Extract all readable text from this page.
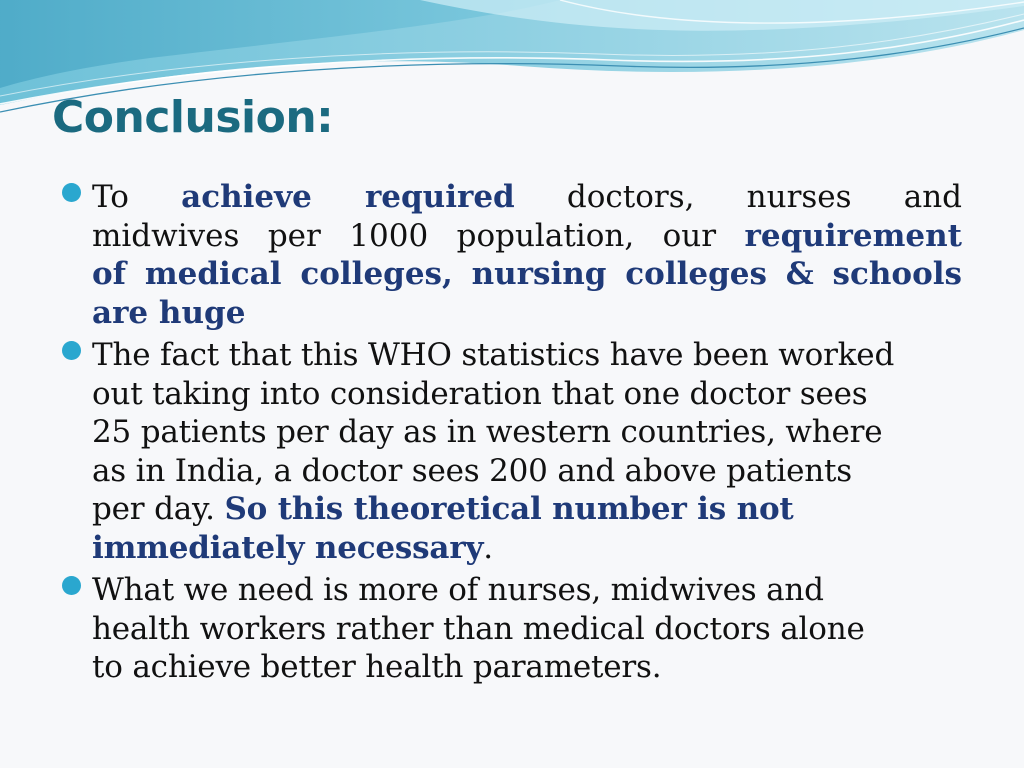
Conclusion:
To achieve required doctors, nurses and
midwives per 1000 population, our requirement
of medical colleges, nursing colleges & schools
are huge
The fact that this WHO statistics have been worked
out taking into consideration that one doctor sees
25 patients per day as in western countries, where
as in India, a doctor sees 200 and above patients
per day. So this theoretical number is not
immediately necessary.
What we need is more of nurses, midwives and
health workers rather than medical doctors alone
to achieve better health parameters.
